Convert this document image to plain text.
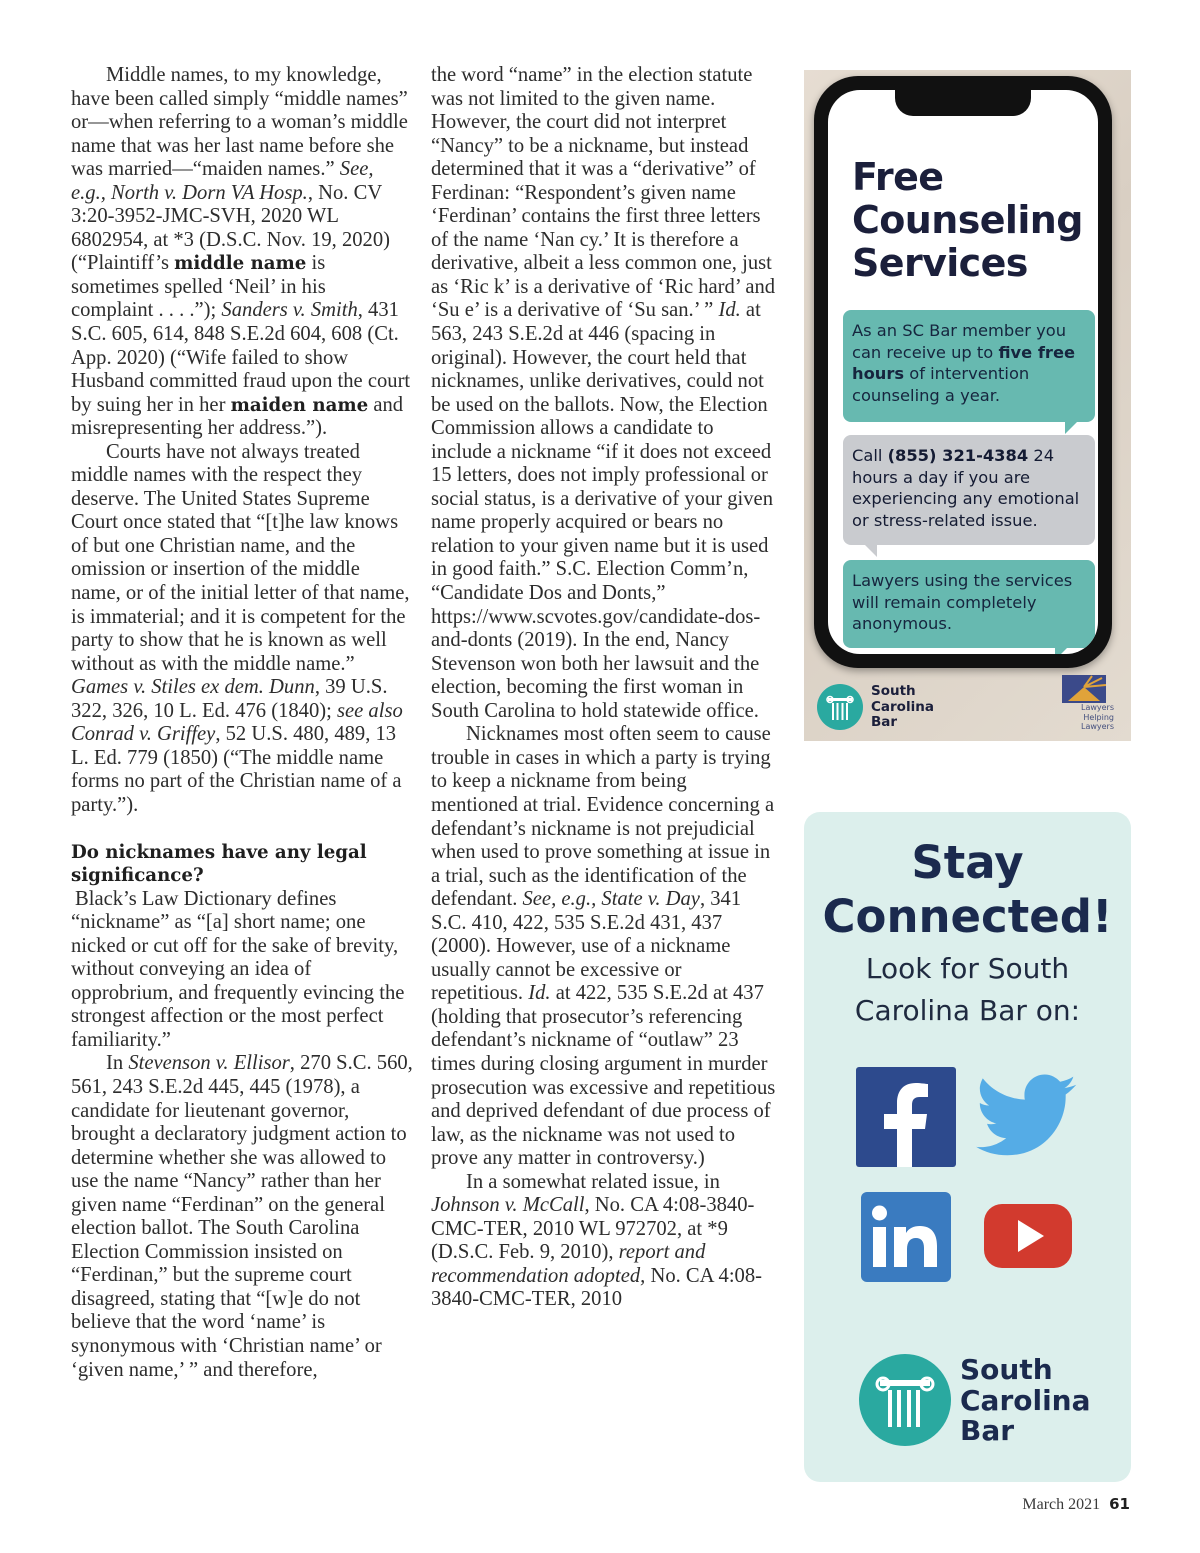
Middle names, to my knowledge, have been called simply “middle names” or—when referring to a woman’s middle name that was her last name before she was married—“maiden names.” See, e.g., North v. Dorn VA Hosp., No. CV 3:20-3952-JMC-SVH, 2020 WL 6802954, at *3 (D.S.C. Nov. 19, 2020) (“Plaintiff’s middle name is sometimes spelled ‘Neil’ in his complaint . . . .”); Sanders v. Smith, 431 S.C. 605, 614, 848 S.E.2d 604, 608 (Ct. App. 2020) (“Wife failed to show Husband committed fraud upon the court by suing her in her maiden name and misrepresenting her address.”).

Courts have not always treated middle names with the respect they deserve. The United States Supreme Court once stated that “[t]he law knows of but one Christian name, and the omission or insertion of the middle name, or of the initial letter of that name, is immaterial; and it is competent for the party to show that he is known as well without as with the middle name.” Games v. Stiles ex dem. Dunn, 39 U.S. 322, 326, 10 L. Ed. 476 (1840); see also Conrad v. Griffey, 52 U.S. 480, 489, 13 L. Ed. 779 (1850) (“The middle name forms no part of the Christian name of a party.”).

Do nicknames have any legal significance?

Black’s Law Dictionary defines “nickname” as “[a] short name; one nicked or cut off for the sake of brevity, without conveying an idea of opprobrium, and frequently evincing the strongest affection or the most perfect familiarity.”

In Stevenson v. Ellisor, 270 S.C. 560, 561, 243 S.E.2d 445, 445 (1978), a candidate for lieutenant governor, brought a declaratory judgment action to determine whether she was allowed to use the name “Nancy” rather than her given name “Ferdinan” on the general election ballot. The South Carolina Election Commission insisted on “Ferdinan,” but the supreme court disagreed, stating that “[w]e do not believe that the word ‘name’ is synonymous with ‘Christian name’ or ‘given name,’ ” and therefore,

the word “name” in the election statute was not limited to the given name. However, the court did not interpret “Nancy” to be a nickname, but instead determined that it was a “derivative” of Ferdinan: “Respondent’s given name ‘Ferdinan’ contains the first three letters of the name ‘Nan cy.’ It is therefore a derivative, albeit a less common one, just as ‘Ric k’ is a derivative of ‘Ric hard’ and ‘Su e’ is a derivative of ‘Su san.’ ” Id. at 563, 243 S.E.2d at 446 (spacing in original). However, the court held that nicknames, unlike derivatives, could not be used on the ballots. Now, the Election Commission allows a candidate to include a nickname “if it does not exceed 15 letters, does not imply professional or social status, is a derivative of your given name properly acquired or bears no relation to your given name but it is used in good faith.” S.C. Election Comm’n, “Candidate Dos and Donts,” https://www.scvotes.gov/candidate-dos-and-donts (2019). In the end, Nancy Stevenson won both her lawsuit and the election, becoming the first woman in South Carolina to hold statewide office.

Nicknames most often seem to cause trouble in cases in which a party is trying to keep a nickname from being mentioned at trial. Evidence concerning a defendant’s nickname is not prejudicial when used to prove something at issue in a trial, such as the identification of the defendant. See, e.g., State v. Day, 341 S.C. 410, 422, 535 S.E.2d 431, 437 (2000). However, use of a nickname usually cannot be excessive or repetitious. Id. at 422, 535 S.E.2d at 437 (holding that prosecutor’s referencing defendant’s nickname of “outlaw” 23 times during closing argument in murder prosecution was excessive and repetitious and deprived defendant of due process of law, as the nickname was not used to prove any matter in controversy.)

In a somewhat related issue, in Johnson v. McCall, No. CA 4:08-3840-CMC-TER, 2010 WL 972702, at *9 (D.S.C. Feb. 9, 2010), report and recommendation adopted, No. CA 4:08-3840-CMC-TER, 2010

Free
Counseling
Services
As an SC Bar member you can receive up to five free hours of intervention counseling a year.
Call (855) 321-4384 24 hours a day if you are experiencing any emotional or stress-related issue.
Lawyers using the services will remain completely anonymous.
South
Carolina
Bar
Lawyers
Helping
Lawyers
Stay
Connected!
Look for South
Carolina Bar on:
South
Carolina
Bar
March 2021 61
